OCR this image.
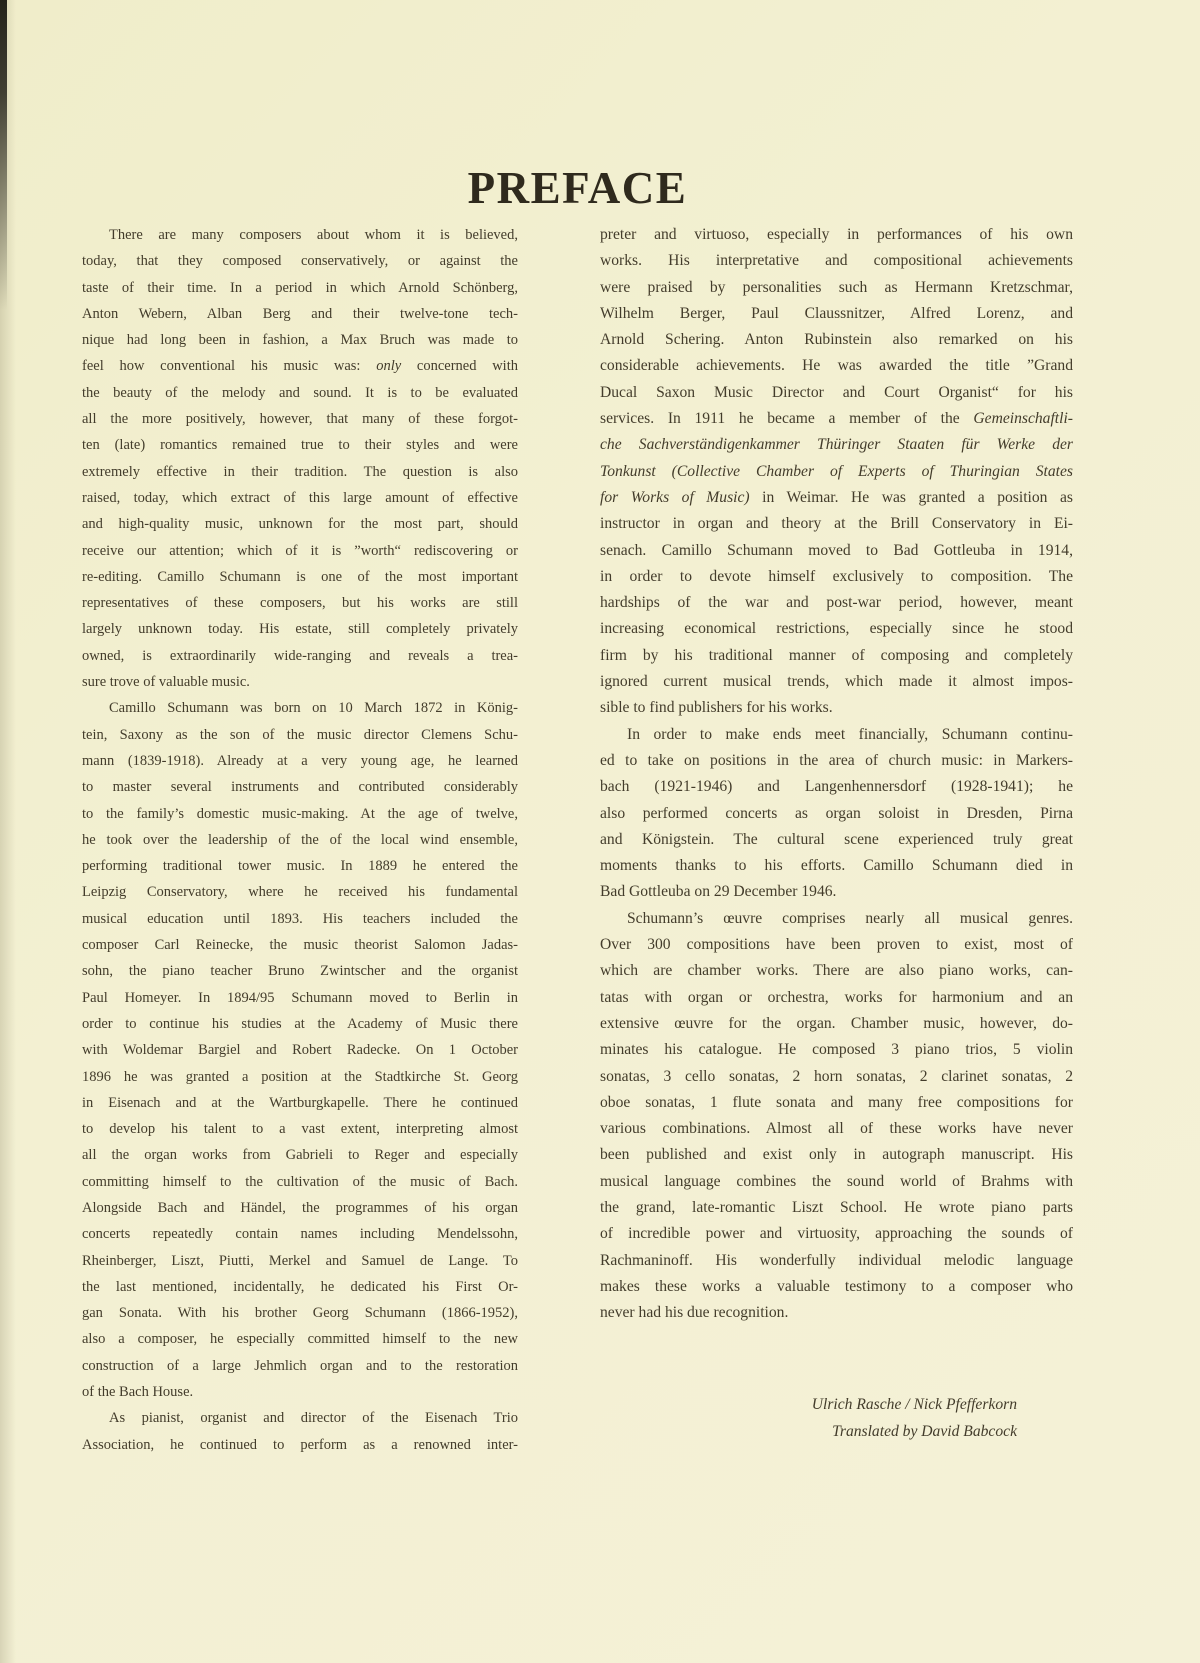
PREFACE
There are many composers about whom it is believed,
today, that they composed conservatively, or against the
taste of their time. In a period in which Arnold Schönberg,
Anton Webern, Alban Berg and their twelve-tone tech-
nique had long been in fashion, a Max Bruch was made to
feel how conventional his music was: only concerned with
the beauty of the melody and sound. It is to be evaluated
all the more positively, however, that many of these forgot-
ten (late) romantics remained true to their styles and were
extremely effective in their tradition. The question is also
raised, today, which extract of this large amount of effective
and high-quality music, unknown for the most part, should
receive our attention; which of it is ”worth“ rediscovering or
re-editing. Camillo Schumann is one of the most important
representatives of these composers, but his works are still
largely unknown today. His estate, still completely privately
owned, is extraordinarily wide-ranging and reveals a trea-
sure trove of valuable music.
Camillo Schumann was born on 10 March 1872 in König-
tein, Saxony as the son of the music director Clemens Schu-
mann (1839-1918). Already at a very young age, he learned
to master several instruments and contributed considerably
to the family’s domestic music-making. At the age of twelve,
he took over the leadership of the of the local wind ensemble,
performing traditional tower music. In 1889 he entered the
Leipzig Conservatory, where he received his fundamental
musical education until 1893. His teachers included the
composer Carl Reinecke, the music theorist Salomon Jadas-
sohn, the piano teacher Bruno Zwintscher and the organist
Paul Homeyer. In 1894/95 Schumann moved to Berlin in
order to continue his studies at the Academy of Music there
with Woldemar Bargiel and Robert Radecke. On 1 October
1896 he was granted a position at the Stadtkirche St. Georg
in Eisenach and at the Wartburgkapelle. There he continued
to develop his talent to a vast extent, interpreting almost
all the organ works from Gabrieli to Reger and especially
committing himself to the cultivation of the music of Bach.
Alongside Bach and Händel, the programmes of his organ
concerts repeatedly contain names including Mendelssohn,
Rheinberger, Liszt, Piutti, Merkel and Samuel de Lange. To
the last mentioned, incidentally, he dedicated his First Or-
gan Sonata. With his brother Georg Schumann (1866-1952),
also a composer, he especially committed himself to the new
construction of a large Jehmlich organ and to the restoration
of the Bach House.
As pianist, organist and director of the Eisenach Trio
Association, he continued to perform as a renowned inter-
preter and virtuoso, especially in performances of his own
works. His interpretative and compositional achievements
were praised by personalities such as Hermann Kretzschmar,
Wilhelm Berger, Paul Claussnitzer, Alfred Lorenz, and
Arnold Schering. Anton Rubinstein also remarked on his
considerable achievements. He was awarded the title ”Grand
Ducal Saxon Music Director and Court Organist“ for his
services. In 1911 he became a member of the Gemeinschaftli-
che Sachverständigenkammer Thüringer Staaten für Werke der
Tonkunst (Collective Chamber of Experts of Thuringian States
for Works of Music) in Weimar. He was granted a position as
instructor in organ and theory at the Brill Conservatory in Ei-
senach. Camillo Schumann moved to Bad Gottleuba in 1914,
in order to devote himself exclusively to composition. The
hardships of the war and post-war period, however, meant
increasing economical restrictions, especially since he stood
firm by his traditional manner of composing and completely
ignored current musical trends, which made it almost impos-
sible to find publishers for his works.
In order to make ends meet financially, Schumann continu-
ed to take on positions in the area of church music: in Markers-
bach (1921-1946) and Langenhennersdorf (1928-1941); he
also performed concerts as organ soloist in Dresden, Pirna
and Königstein. The cultural scene experienced truly great
moments thanks to his efforts. Camillo Schumann died in
Bad Gottleuba on 29 December 1946.
Schumann’s œuvre comprises nearly all musical genres.
Over 300 compositions have been proven to exist, most of
which are chamber works. There are also piano works, can-
tatas with organ or orchestra, works for harmonium and an
extensive œuvre for the organ. Chamber music, however, do-
minates his catalogue. He composed 3 piano trios, 5 violin
sonatas, 3 cello sonatas, 2 horn sonatas, 2 clarinet sonatas, 2
oboe sonatas, 1 flute sonata and many free compositions for
various combinations. Almost all of these works have never
been published and exist only in autograph manuscript. His
musical language combines the sound world of Brahms with
the grand, late-romantic Liszt School. He wrote piano parts
of incredible power and virtuosity, approaching the sounds of
Rachmaninoff. His wonderfully individual melodic language
makes these works a valuable testimony to a composer who
never had his due recognition.
Ulrich Rasche / Nick Pfefferkorn
Translated by David Babcock
